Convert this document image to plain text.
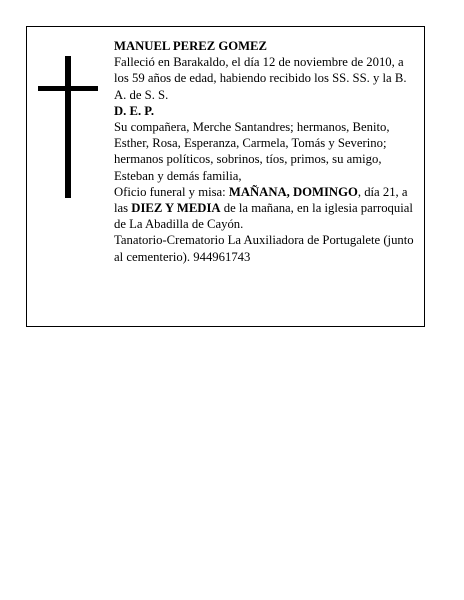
MANUEL PEREZ GOMEZ

Falleció en Barakaldo, el día 12 de noviembre de 2010, a los 59 años de edad, habiendo recibido los SS. SS. y la B. A. de S. S.

D. E. P.

Su compañera, Merche Santandres; hermanos, Benito, Esther, Rosa, Esperanza, Carmela, Tomás y Severino; hermanos políticos, sobrinos, tíos, primos, su amigo, Esteban y demás familia,

Oficio funeral y misa: MAÑANA, DOMINGO, día 21, a las DIEZ Y MEDIA de la mañana, en la iglesia parroquial de La Abadilla de Cayón.

Tanatorio-Crematorio La Auxiliadora de Portugalete (junto al cementerio). 944961743
